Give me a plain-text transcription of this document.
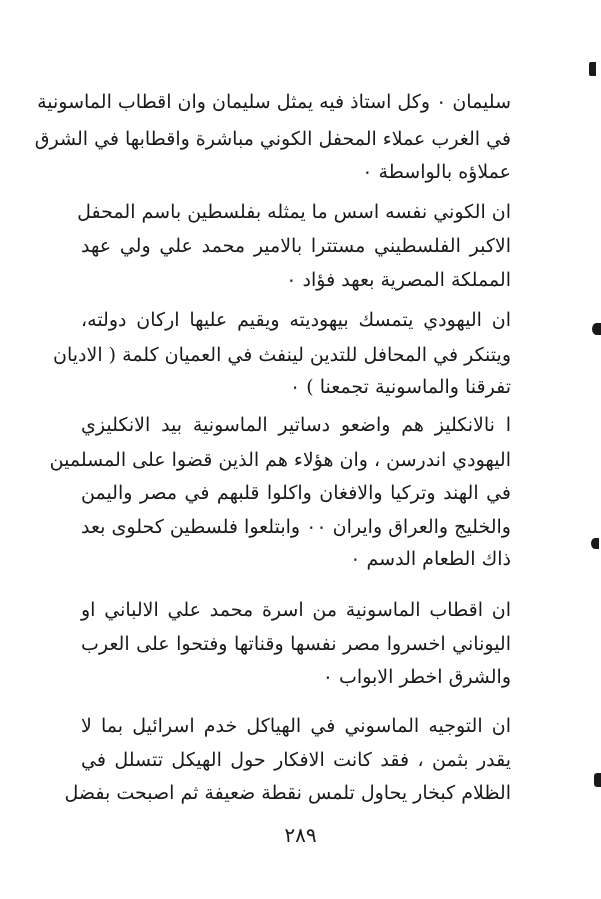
سليمان ٠ وكل استاذ فيه يمثل سليمان وان اقطاب الماسونية
في الغرب عملاء المحفل الكوني مباشرة واقطابها في الشرق
عملاؤه بالواسطة ٠
ان الكوني نفسه اسس ما يمثله بفلسطين باسم المحفل
الاكبر الفلسطيني مستترا بالامير محمد علي ولي عهد
المملكة المصرية بعهد فؤاد ٠
ان اليهودي يتمسك بيهوديته ويقيم عليها اركان دولته،
ويتنكر في المحافل للتدين لينفث في العميان كلمة ( الاديان
تفرقنا والماسونية تجمعنا ) ٠
ا نالانكليز هم واضعو دساتير الماسونية بيد الانكليزي
اليهودي اندرسن ، وان هؤلاء هم الذين قضوا على المسلمين
في الهند وتركيا والافغان واكلوا قلبهم في مصر واليمن
والخليج والعراق وايران ٠٠ وابتلعوا فلسطين كحلوى بعد
ذاك الطعام الدسم ٠
ان اقطاب الماسونية من اسرة محمد علي الالباني او
اليوناني اخسروا مصر نفسها وقناتها وفتحوا على العرب
والشرق اخطر الابواب ٠
ان التوجيه الماسوني في الهياكل خدم اسرائيل بما لا
يقدر بثمن ، فقد كانت الافكار حول الهيكل تتسلل في
الظلام كبخار يحاول تلمس نقطة ضعيفة ثم اصبحت بفضل
٢٨٩
